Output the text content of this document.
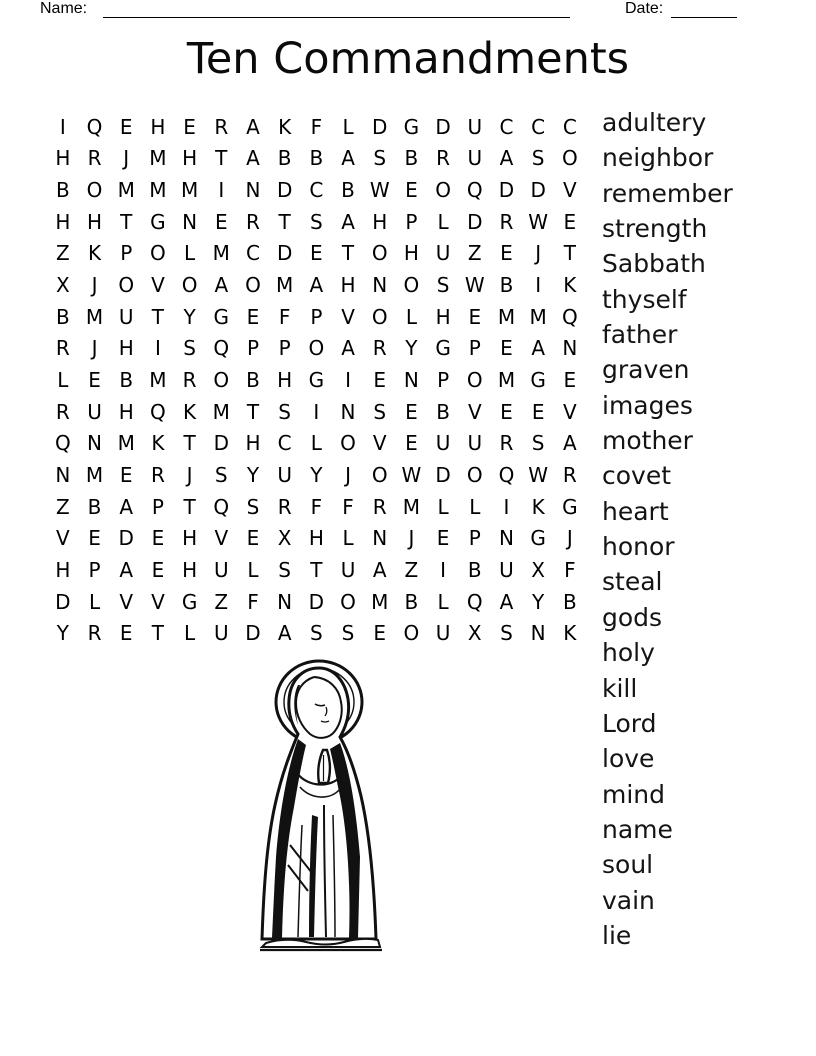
Name:	Date:
Ten Commandments
I	Q E H E R A K F	L D G D U C C C
H R	J	M H T A B B A S B R U A S O
B O M M M	I	N D C B W E O Q D D V
H H T G N E R T S A H P	L D R W E
Z K P O L M C D E T O H U Z E	J	T
X	J	O V O A O M A H N O S W B	I	K
B M U T Y G E F P V O L H E M M Q
R	J	H	I	S Q P P O A R Y G P E A N
L E B M R O B H G	I	E N P O M G E
R U H Q K M T S	I	N S E B V E E V
Q N M K T D H C L O V E U U R S A
N M E R	J	S Y U Y	J	O W D O Q W R
Z B A P T Q S R F	F R M L	L	I	K G
V E D E H V E X H L N	J	E P N G	J
H P A E H U L S T U A Z	I	B U X F
D L V V G Z F N D O M B L Q A Y B
Y R E T	L U D A S S E O U X S N K
adultery
neighbor
remember
strength
Sabbath
thyself
father
graven
images
mother
covet
heart
honor
steal
gods
holy
kill
Lord
love
mind
name
soul
vain
lie
